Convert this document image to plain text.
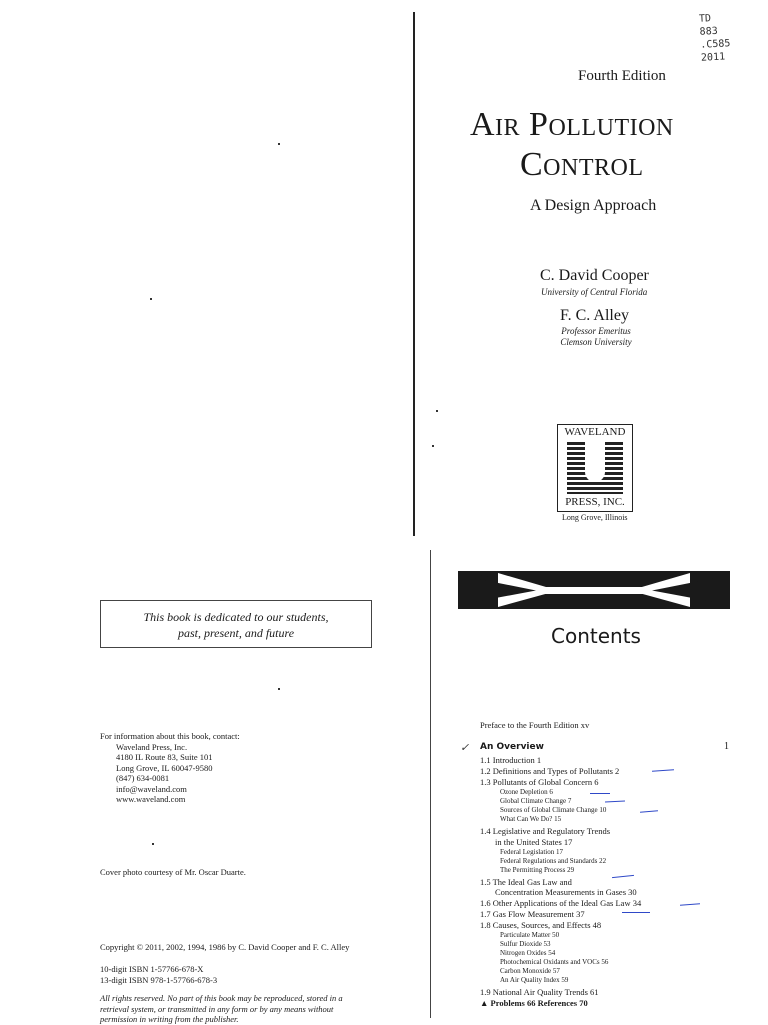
TD
883
.C585
2011
Fourth Edition
Air Pollution
Control
A Design Approach
C. David Cooper
University of Central Florida
F. C. Alley
Professor Emeritus
Clemson University
WAVELAND
PRESS, INC.
Long Grove, Illinois
Contents
This book is dedicated to our students,
past, present, and future
For information about this book, contact:
Waveland Press, Inc.
4180 IL Route 83, Suite 101
Long Grove, IL 60047-9580
(847) 634-0081
info@waveland.com
www.waveland.com
Cover photo courtesy of Mr. Oscar Duarte.
Copyright © 2011, 2002, 1994, 1986 by C. David Cooper and F. C. Alley
10-digit ISBN 1-57766-678-X
13-digit ISBN 978-1-57766-678-3
All rights reserved. No part of this book may be reproduced, stored in a
retrieval system, or transmitted in any form or by any means without
permission in writing from the publisher.
Preface to the Fourth Edition xv
✓ An Overview	1
1.1 Introduction 1
1.2 Definitions and Types of Pollutants 2
1.3 Pollutants of Global Concern 6
Ozone Depletion 6
Global Climate Change 7
Sources of Global Climate Change 10
What Can We Do? 15
1.4 Legislative and Regulatory Trends
in the United States 17
Federal Legislation 17
Federal Regulations and Standards 22
The Permitting Process 29
1.5 The Ideal Gas Law and
Concentration Measurements in Gases 30
1.6 Other Applications of the Ideal Gas Law 34
1.7 Gas Flow Measurement 37
1.8 Causes, Sources, and Effects 48
Particulate Matter 50
Sulfur Dioxide 53
Nitrogen Oxides 54
Photochemical Oxidants and VOCs 56
Carbon Monoxide 57
An Air Quality Index 59
1.9 National Air Quality Trends 61
▲ Problems 66 References 70
